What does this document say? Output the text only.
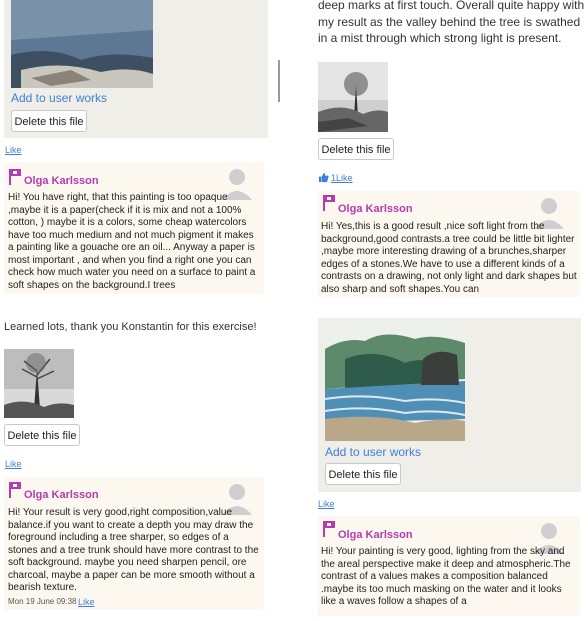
Add to user works
Delete this file
Like
Olga Karlsson
Hi! You have right, that this painting is too opaque ,maybe it is a paper(check if it is mix and not a 100% cotton, ) maybe it is a colors, some cheap watercolors have too much medium and not much pigment it makes a painting like a gouache ore an oil... Anyway a paper is most important , and when you find a right one you can check how much water you need on a surface to paint a soft shapes on the background.I trees
Learned lots, thank you Konstantin for this exercise!
Delete this file
Like
Olga Karlsson
Hi! Your result is very good,right composition,value balance.if you want to create a depth you may draw the foreground including a tree sharper, so edges of a stones and a tree trunk should have more contrast to the soft background. maybe you need sharpen pencil, ore charcoal, maybe a paper can be more smooth without a bearish texture.
Mon 19 June 09:38 Like
deep marks at first touch. Overall quite happy with my result as the valley behind the tree is swathed in a mist through which strong light is present.
Delete this file
1 Like
Olga Karlsson
Hi! Yes,this is a good result ,nice soft light from the background,good contrasts.a tree could be little bit lighter ,maybe more interesting drawing of a brunches,sharper edges of a stones.We have to use a different kinds of a contrasts on a drawing, not only light and dark shapes but also sharp and soft shapes.You can
Add to user works
Delete this file
Like
Olga Karlsson
Hi! Your painting is very good, lighting from the sky and the areal perspective make it deep and atmospheric.The contrast of a values makes a composition balanced .maybe its too much masking on the water and it looks like a waves follow a shapes of a
